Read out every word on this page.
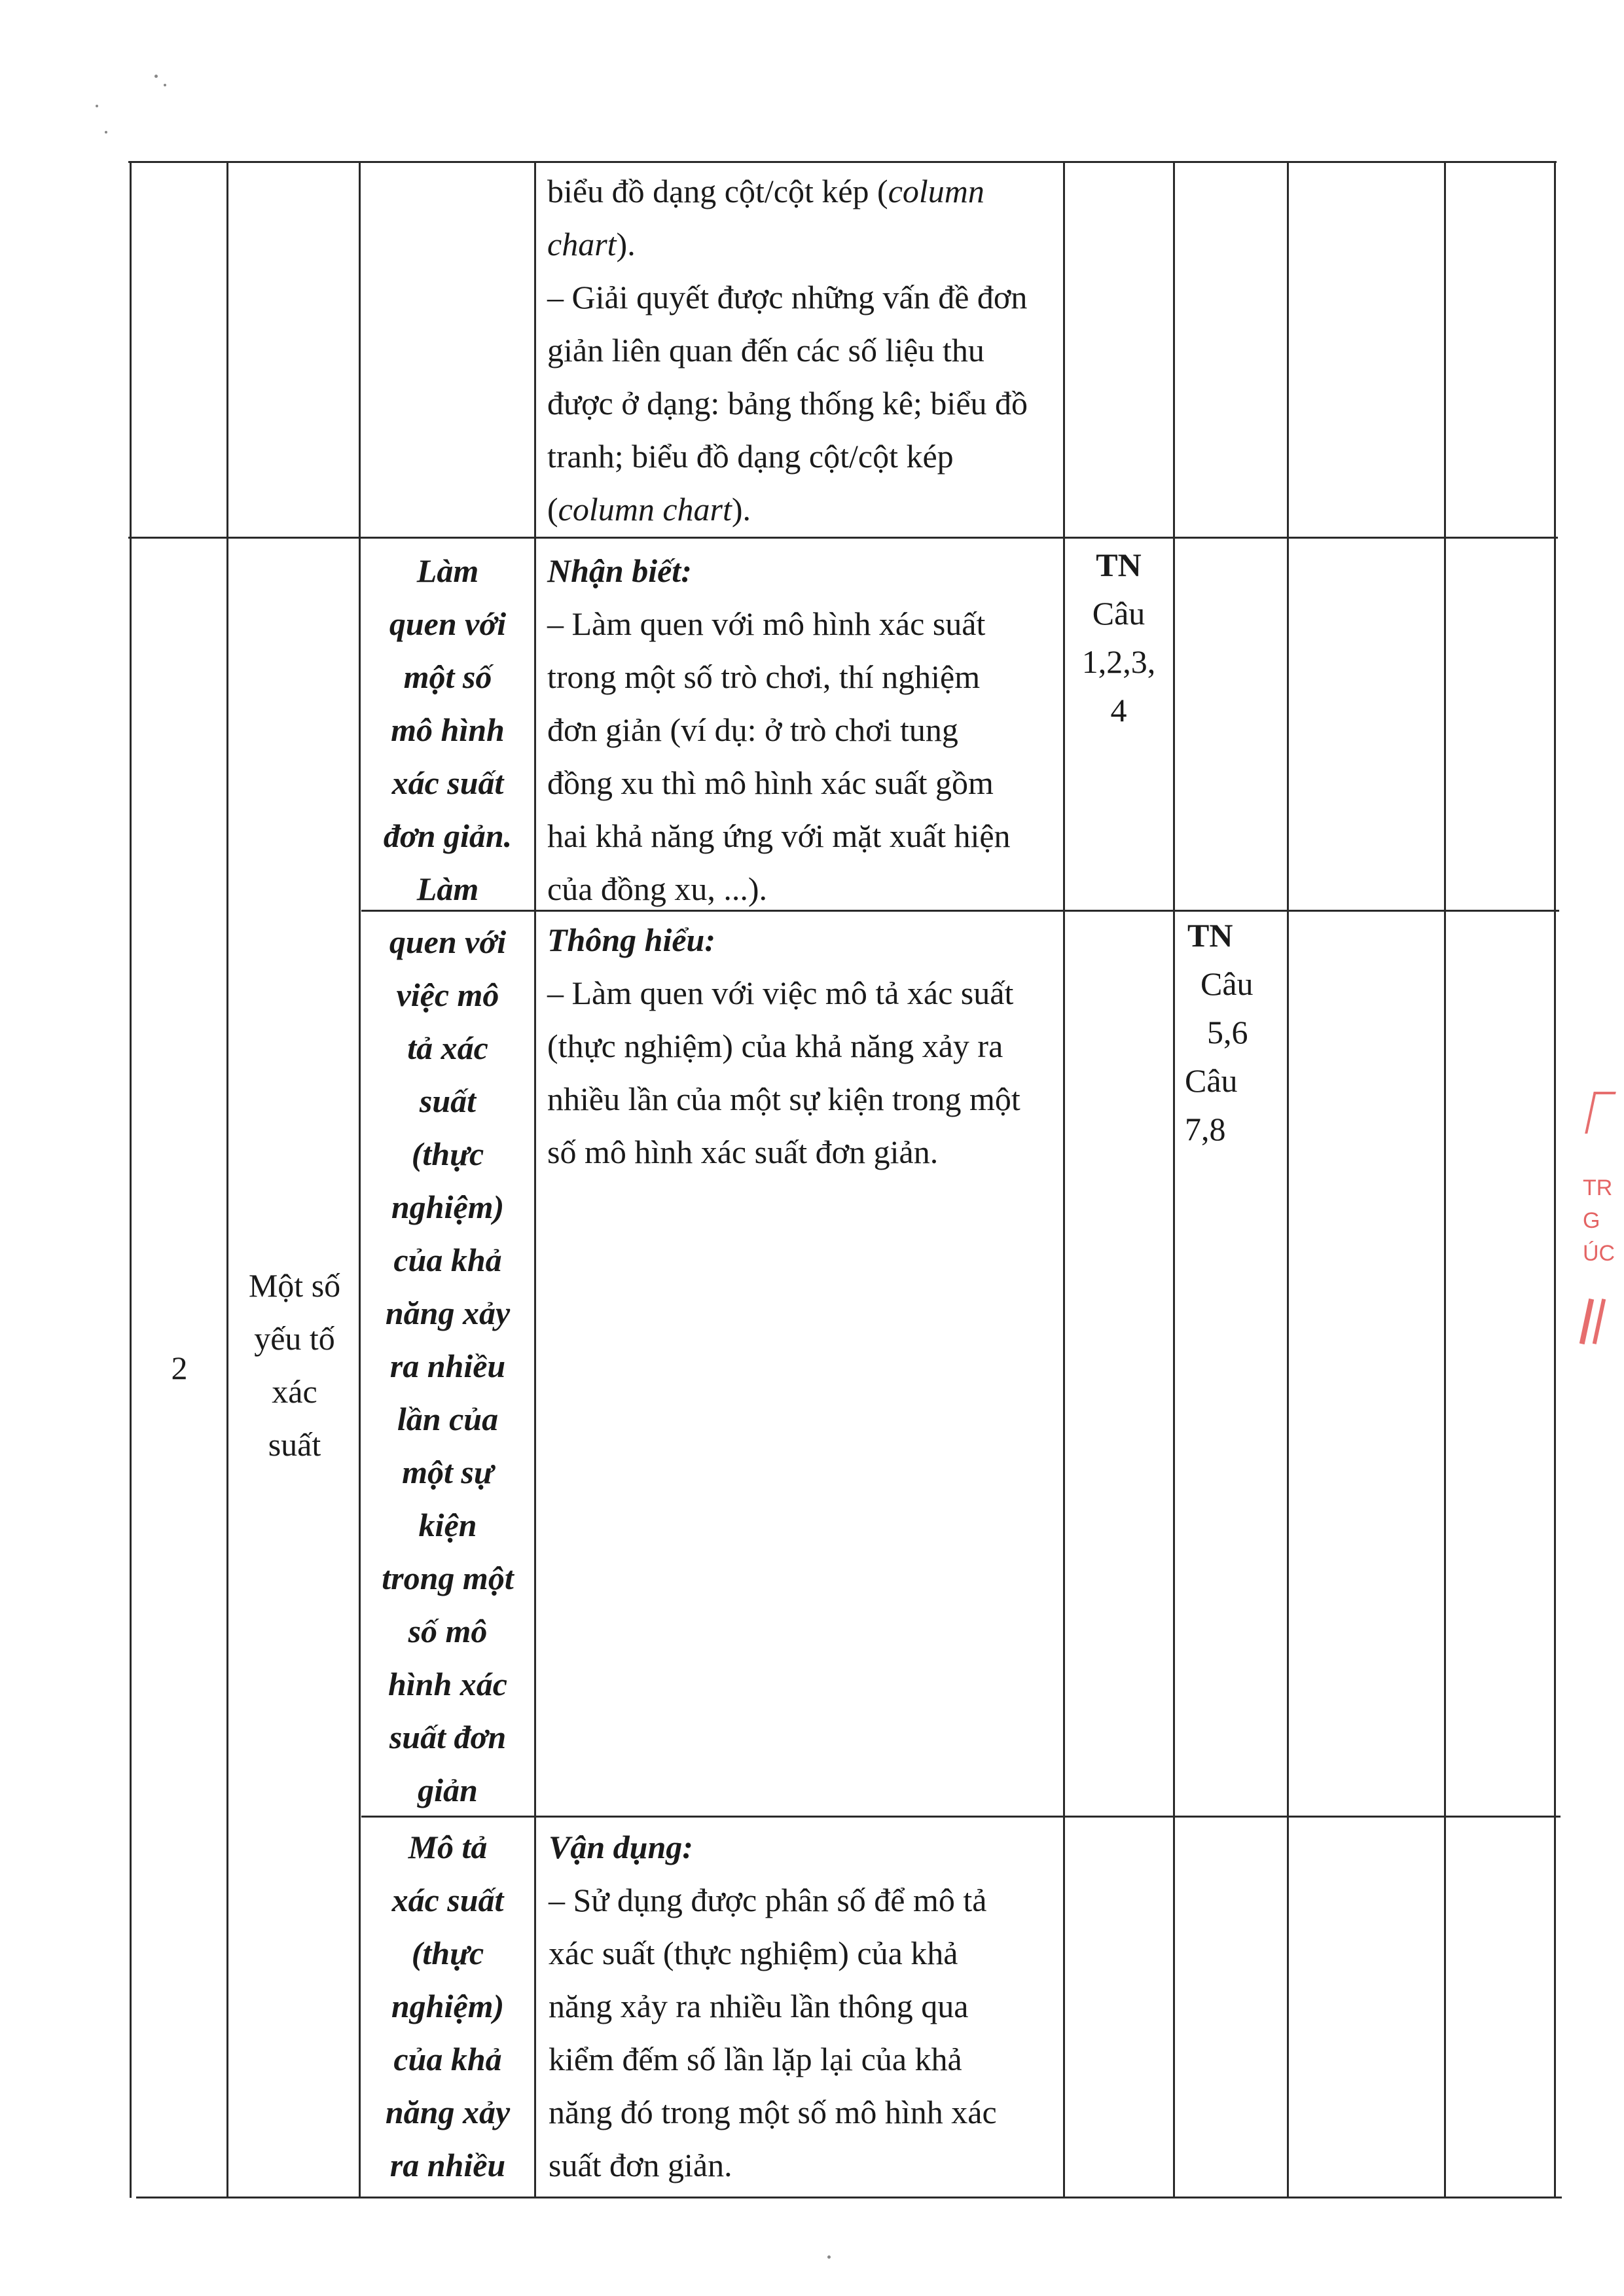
biểu đồ dạng cột/cột kép (column
chart).
– Giải quyết được những vấn đề đơn
giản liên quan đến các số liệu thu
được ở dạng: bảng thống kê; biểu đồ
tranh; biểu đồ dạng cột/cột kép
(column chart).
2
Một số
yếu tố
xác
suất
Làm
quen với
một số
mô hình
xác suất
đơn giản.
Làm
quen với
việc mô
tả xác
suất
(thực
nghiệm)
của khả
năng xảy
ra nhiều
lần của
một sự
kiện
trong một
số mô
hình xác
suất đơn
giản
Mô tả
xác suất
(thực
nghiệm)
của khả
năng xảy
ra nhiều
Nhận biết:
– Làm quen với mô hình xác suất
trong một số trò chơi, thí nghiệm
đơn giản (ví dụ: ở trò chơi tung
đồng xu thì mô hình xác suất gồm
hai khả năng ứng với mặt xuất hiện
của đồng xu, ...).
TN
Câu
1,2,3,
4
Thông hiểu:
– Làm quen với việc mô tả xác suất
(thực nghiệm) của khả năng xảy ra
nhiều lần của một sự kiện trong một
số mô hình xác suất đơn giản.
TN
Câu
5,6
Câu
7,8
Vận dụng:
– Sử dụng được phân số để mô tả
xác suất (thực nghiệm) của khả
năng xảy ra nhiều lần thông qua
kiểm đếm số lần lặp lại của khả
năng đó trong một số mô hình xác
suất đơn giản.
TR
G
ÚC
